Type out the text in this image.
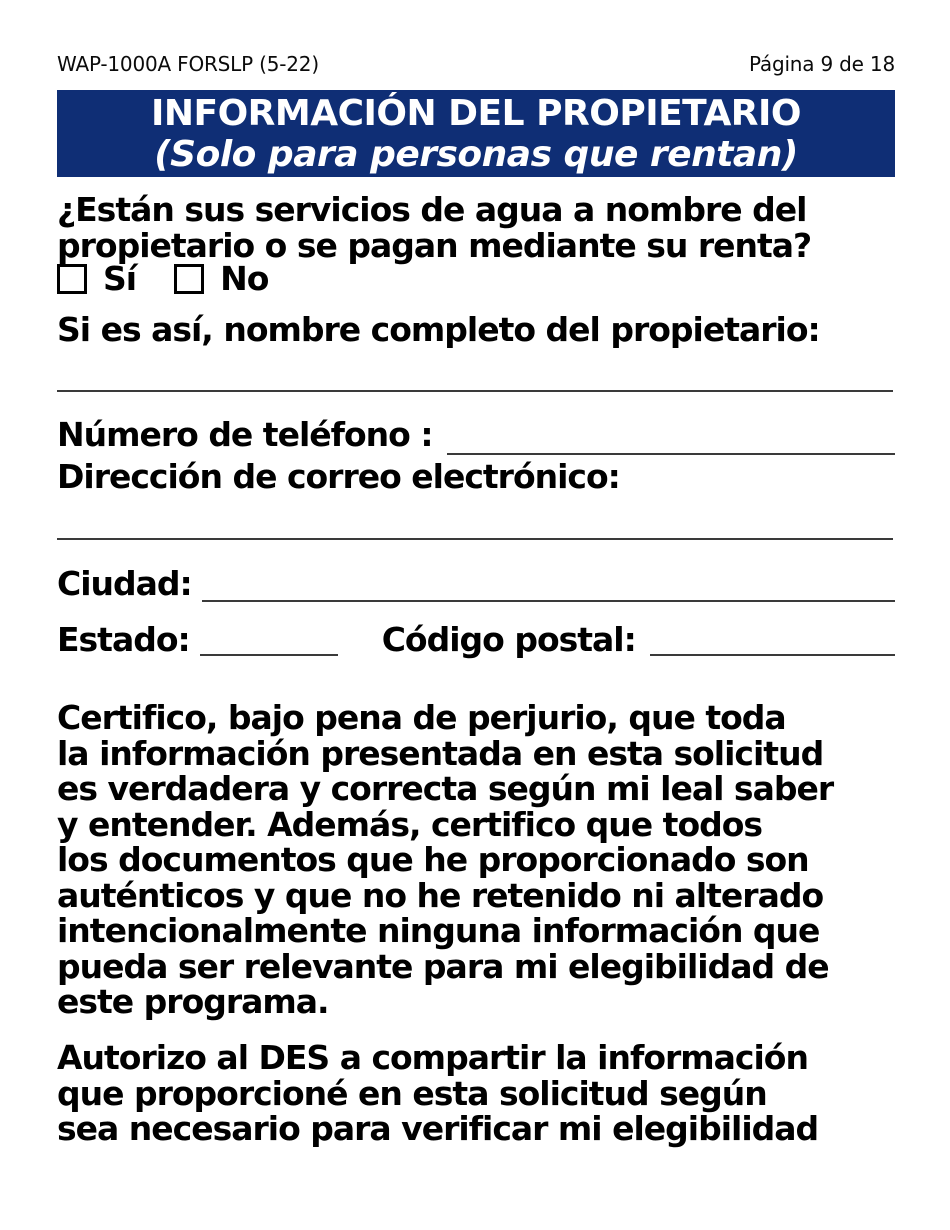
WAP-1000A FORSLP (5-22)	Página 9 de 18
INFORMACIÓN DEL PROPIETARIO
(Solo para personas que rentan)
¿Están sus servicios de agua a nombre del
propietario o se pagan mediante su renta?
Sí	No
Si es así, nombre completo del propietario:
Número de teléfono :
Dirección de correo electrónico:
Ciudad:
Estado:	Código postal:
Certifico, bajo pena de perjurio, que toda
la información presentada en esta solicitud
es verdadera y correcta según mi leal saber
y entender. Además, certifico que todos
los documentos que he proporcionado son
auténticos y que no he retenido ni alterado
intencionalmente ninguna información que
pueda ser relevante para mi elegibilidad de
este programa.
Autorizo al DES a compartir la información
que proporcioné en esta solicitud según
sea necesario para verificar mi elegibilidad
